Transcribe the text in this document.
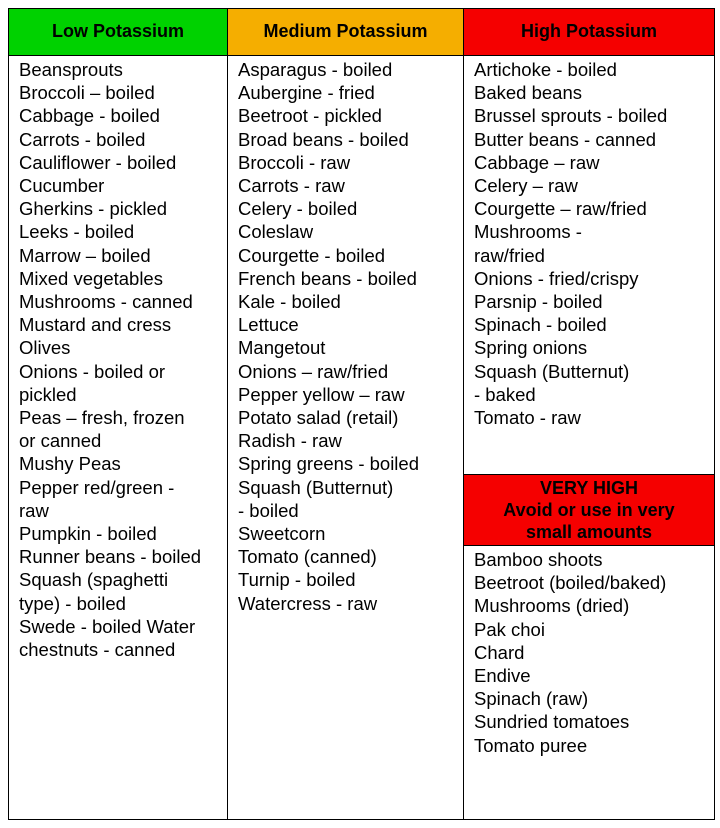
Low Potassium
Beansprouts
Broccoli – boiled
Cabbage - boiled
Carrots - boiled
Cauliflower - boiled
Cucumber
Gherkins - pickled
Leeks - boiled
Marrow – boiled
Mixed vegetables
Mushrooms - canned
Mustard and cress
Olives
Onions - boiled or
pickled
Peas – fresh, frozen
or canned
Mushy Peas
Pepper red/green -
raw
Pumpkin - boiled
Runner beans - boiled
Squash (spaghetti
type) - boiled
Swede - boiled Water
chestnuts - canned
Medium Potassium
Asparagus - boiled
Aubergine - fried
Beetroot - pickled
Broad beans - boiled
Broccoli - raw
Carrots - raw
Celery - boiled
Coleslaw
Courgette - boiled
French beans - boiled
Kale - boiled
Lettuce
Mangetout
Onions – raw/fried
Pepper yellow – raw
Potato salad (retail)
Radish - raw
Spring greens - boiled
Squash (Butternut)
- boiled
Sweetcorn
Tomato (canned)
Turnip - boiled
Watercress - raw
High Potassium
Artichoke - boiled
Baked beans
Brussel sprouts - boiled
Butter beans - canned
Cabbage – raw
Celery – raw
Courgette – raw/fried
Mushrooms -
raw/fried
Onions - fried/crispy
Parsnip - boiled
Spinach - boiled
Spring onions
Squash (Butternut)
- baked
Tomato - raw
VERY HIGH
Avoid or use in very
small amounts
Bamboo shoots
Beetroot (boiled/baked)
Mushrooms (dried)
Pak choi
Chard
Endive
Spinach (raw)
Sundried tomatoes
Tomato puree
